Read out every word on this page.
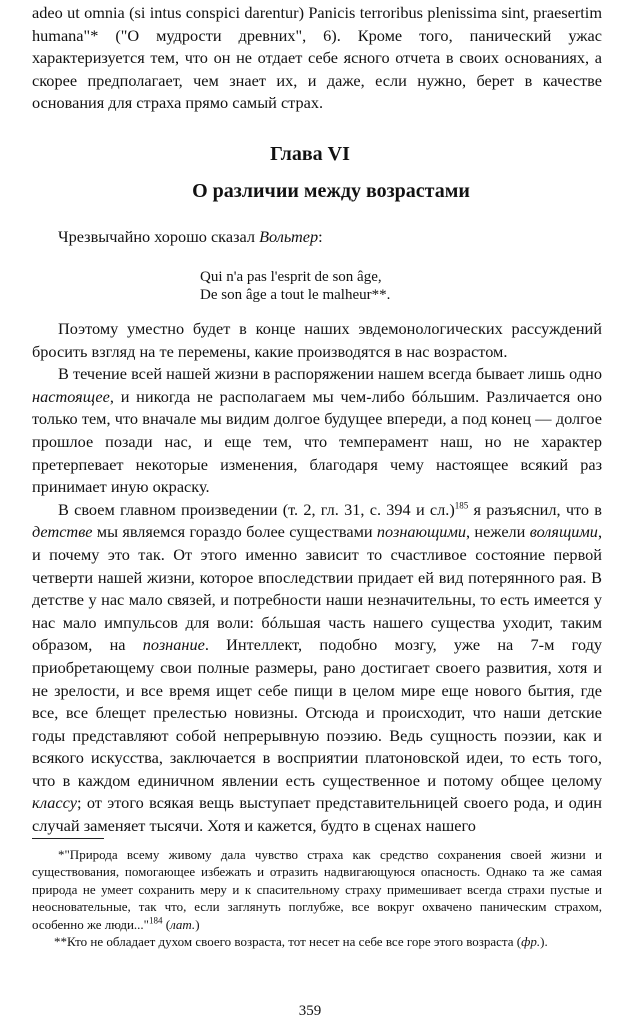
adeo ut omnia (si intus conspici darentur) Panicis terroribus plenissima sint, praesertim humana"* ("О мудрости древних", 6). Кроме того, панический ужас характеризуется тем, что он не отдает себе ясного отчета в своих основаниях, а скорее предполагает, чем знает их, и даже, если нужно, берет в качестве основания для страха прямо самый страх.

Глава VI
О различии между возрастами

Чрезвычайно хорошо сказал Вольтер:

Qui n'a pas l'esprit de son âge,
De son âge a tout le malheur**.

Поэтому уместно будет в конце наших эвдемонологических рассуждений бросить взгляд на те перемены, какие производятся в нас возрастом.

В течение всей нашей жизни в распоряжении нашем всегда бывает лишь одно настоящее, и никогда не располагаем мы чем-либо бóльшим. Различается оно только тем, что вначале мы видим долгое будущее впереди, а под конец — долгое прошлое позади нас, и еще тем, что темперамент наш, но не характер претерпевает некоторые изменения, благодаря чему настоящее всякий раз принимает иную окраску.

В своем главном произведении (т. 2, гл. 31, с. 394 и сл.)$^{185}$ я разъяснил, что в детстве мы являемся гораздо более существами познающими, нежели волящими, и почему это так. От этого именно зависит то счастливое состояние первой четверти нашей жизни, которое впоследствии придает ей вид потерянного рая. В детстве у нас мало связей, и потребности наши незначительны, то есть имеется у нас мало импульсов для воли: бóльшая часть нашего существа уходит, таким образом, на познание. Интеллект, подобно мозгу, уже на 7-м году приобретающему свои полные размеры, рано достигает своего развития, хотя и не зрелости, и все время ищет себе пищи в целом мире еще нового бытия, где все, все блещет прелестью новизны. Отсюда и происходит, что наши детские годы представляют собой непрерывную поэзию. Ведь сущность поэзии, как и всякого искусства, заключается в восприятии платоновской идеи, то есть того, что в каждом единичном явлении есть существенное и потому общее целому классу; от этого всякая вещь выступает представительницей своего рода, и один случай заменяет тысячи. Хотя и кажется, будто в сценах нашего

*"Природа всему живому дала чувство страха как средство сохранения своей жизни и существования, помогающее избежать и отразить надвигающуюся опасность. Однако та же самая природа не умеет сохранить меру и к спасительному страху примешивает всегда страхи пустые и неосновательные, так что, если заглянуть поглубже, все вокруг охвачено паническим страхом, особенно же люди..."$^{184}$ (лат.)

**Кто не обладает духом своего возраста, тот несет на себе все горе этого возраста (фр.).

359
